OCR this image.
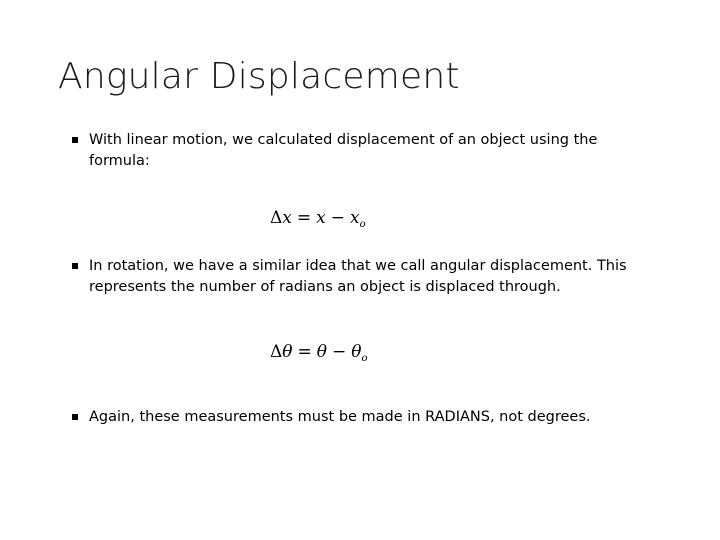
Angular Displacement
With linear motion, we calculated displacement of an object using the formula:
$\Delta x = x - x_o$
In rotation, we have a similar idea that we call angular displacement. This represents the number of radians an object is displaced through.
$\Delta\theta = \theta - \theta_o$
Again, these measurements must be made in RADIANS, not degrees.
